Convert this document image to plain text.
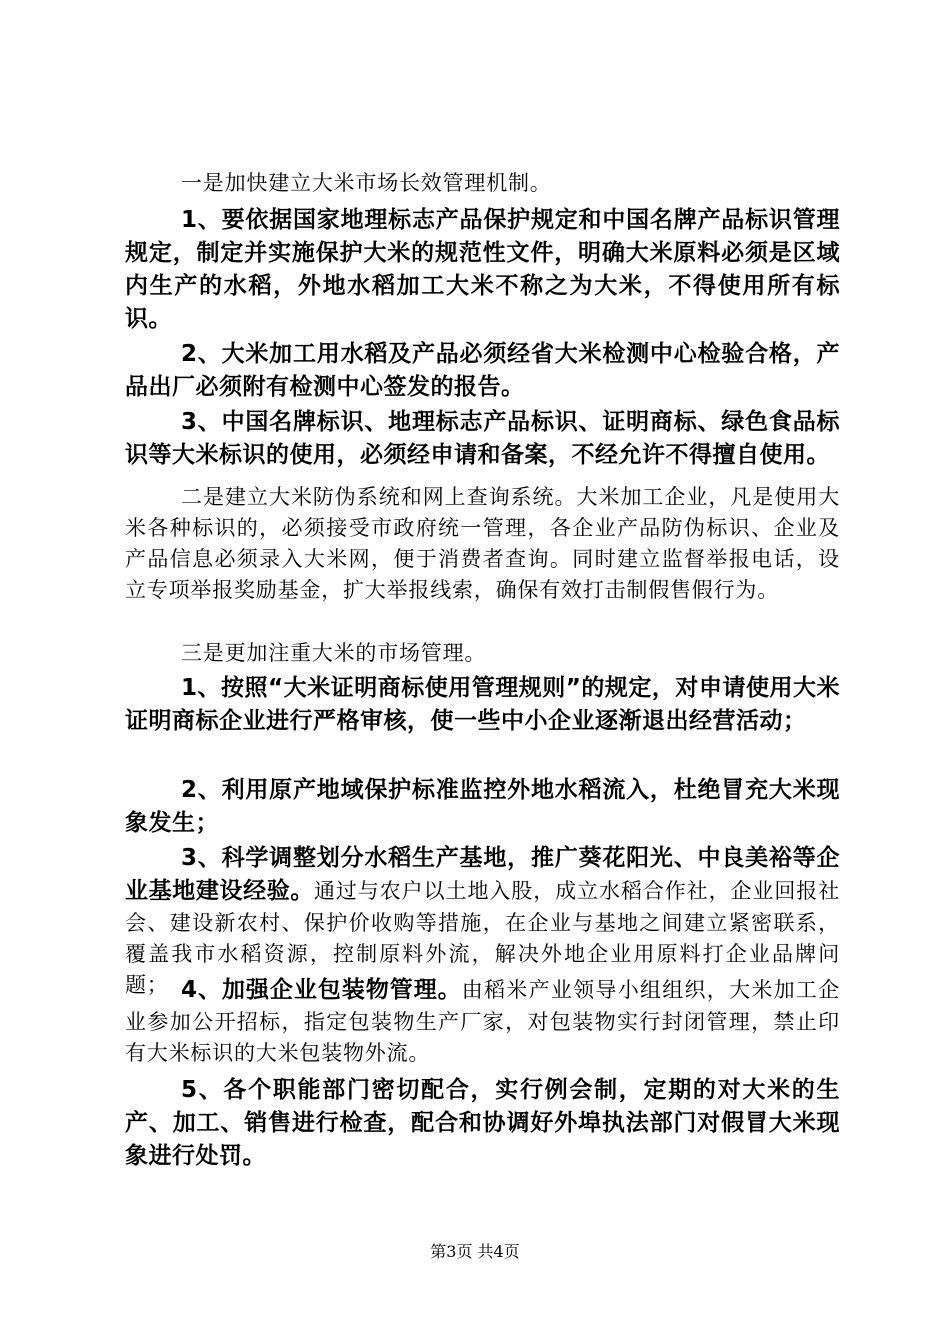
一是加快建立大米市场长效管理机制。

1、要依据国家地理标志产品保护规定和中国名牌产品标识管理规定，制定并实施保护大米的规范性文件，明确大米原料必须是区域内生产的水稻，外地水稻加工大米不称之为大米，不得使用所有标识。

2、大米加工用水稻及产品必须经省大米检测中心检验合格，产品出厂必须附有检测中心签发的报告。

3、中国名牌标识、地理标志产品标识、证明商标、绿色食品标识等大米标识的使用，必须经申请和备案，不经允许不得擅自使用。

二是建立大米防伪系统和网上查询系统。大米加工企业，凡是使用大米各种标识的，必须接受市政府统一管理，各企业产品防伪标识、企业及产品信息必须录入大米网，便于消费者查询。同时建立监督举报电话，设立专项举报奖励基金，扩大举报线索，确保有效打击制假售假行为。

三是更加注重大米的市场管理。

1、按照“大米证明商标使用管理规则”的规定，对申请使用大米证明商标企业进行严格审核，使一些中小企业逐渐退出经营活动；

2、利用原产地域保护标准监控外地水稻流入，杜绝冒充大米现象发生；

3、科学调整划分水稻生产基地，推广葵花阳光、中良美裕等企业基地建设经验。通过与农户以土地入股，成立水稻合作社，企业回报社会、建设新农村、保护价收购等措施，在企业与基地之间建立紧密联系，覆盖我市水稻资源，控制原料外流，解决外地企业用原料打企业品牌问题； 4、加强企业包装物管理。由稻米产业领导小组组织，大米加工企业参加公开招标，指定包装物生产厂家，对包装物实行封闭管理，禁止印有大米标识的大米包装物外流。

5、各个职能部门密切配合，实行例会制，定期的对大米的生产、加工、销售进行检查，配合和协调好外埠执法部门对假冒大米现象进行处罚。

第3页 共4页
